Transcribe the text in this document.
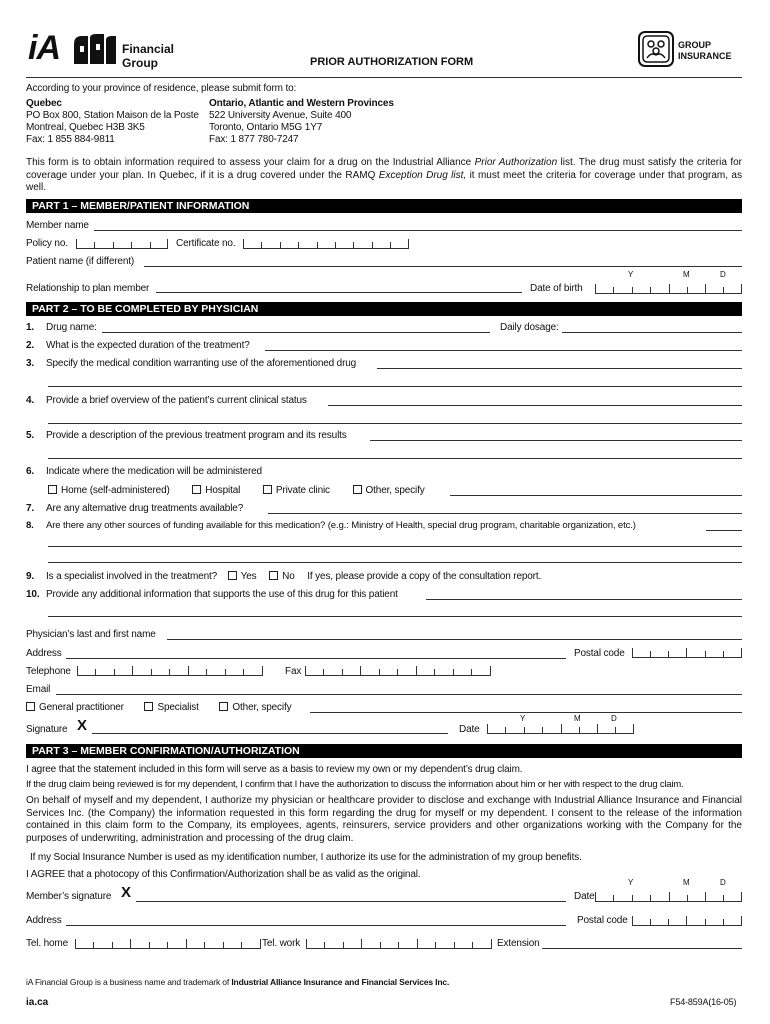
iA	Financial
Group	PRIOR AUTHORIZATION FORM
GROUP
INSURANCE
According to your province of residence, please submit form to:
Quebec
PO Box 800, Station Maison de la Poste
Montreal, Quebec H3B 3K5
Fax: 1 855 884-9811
Ontario, Atlantic and Western Provinces
522 University Avenue, Suite 400
Toronto, Ontario M5G 1Y7
Fax: 1 877 780-7247
This form is to obtain information required to assess your claim for a drug on the Industrial Alliance Prior Authorization list. The drug must satisfy the criteria for coverage under your plan. In Quebec, if it is a drug covered under the RAMQ Exception Drug list, it must meet the criteria for coverage under that program, as well.
PART 1 – MEMBER/PATIENT INFORMATION
Member name
Policy no.	Certificate no.
Patient name (if different)
Y	M	D
Relationship to plan member	Date of birth
PART 2 – TO BE COMPLETED BY PHYSICIAN
1. Drug name:	Daily dosage:
2. What is the expected duration of the treatment?
3. Specify the medical condition warranting use of the aforementioned drug
4. Provide a brief overview of the patient’s current clinical status
5. Provide a description of the previous treatment program and its results
6. Indicate where the medication will be administered
Home (self-administered)	Hospital	Private clinic	Other, specify
7. Are any alternative drug treatments available?
8. Are there any other sources of funding available for this medication? (e.g.: Ministry of Health, special drug program, charitable organization, etc.)
9. Is a specialist involved in the treatment? Yes	No If yes, please provide a copy of the consultation report.
10. Provide any additional information that supports the use of this drug for this patient
Physician’s last and first name
Address	Postal code
Telephone	Fax
Email
General practitioner	Specialist	Other, specify
Y	M	D
Signature X	Date
PART 3 – MEMBER CONFIRMATION/AUTHORIZATION
I agree that the statement included in this form will serve as a basis to review my own or my dependent’s drug claim.
If the drug claim being reviewed is for my dependent, I confirm that I have the authorization to discuss the information about him or her with respect to the drug claim.
On behalf of myself and my dependent, I authorize my physician or healthcare provider to disclose and exchange with Industrial Alliance Insurance and Financial Services Inc. (the Company) the information requested in this form regarding the drug for myself or my dependent. I consent to the release of the information contained in this claim form to the Company, its employees, agents, reinsurers, service providers and other organizations working with the Company for the purposes of underwriting, administration and processing of the drug claim.
If my Social Insurance Number is used as my identification number, I authorize its use for the administration of my group benefits.
I AGREE that a photocopy of this Confirmation/Authorization shall be as valid as the original.
Y	M	D
Member’s signature X	Date
Address	Postal code
Tel. home	Tel. work	Extension
iA Financial Group is a business name and trademark of Industrial Alliance Insurance and Financial Services Inc.
ia.ca	F54-859A(16-05)
